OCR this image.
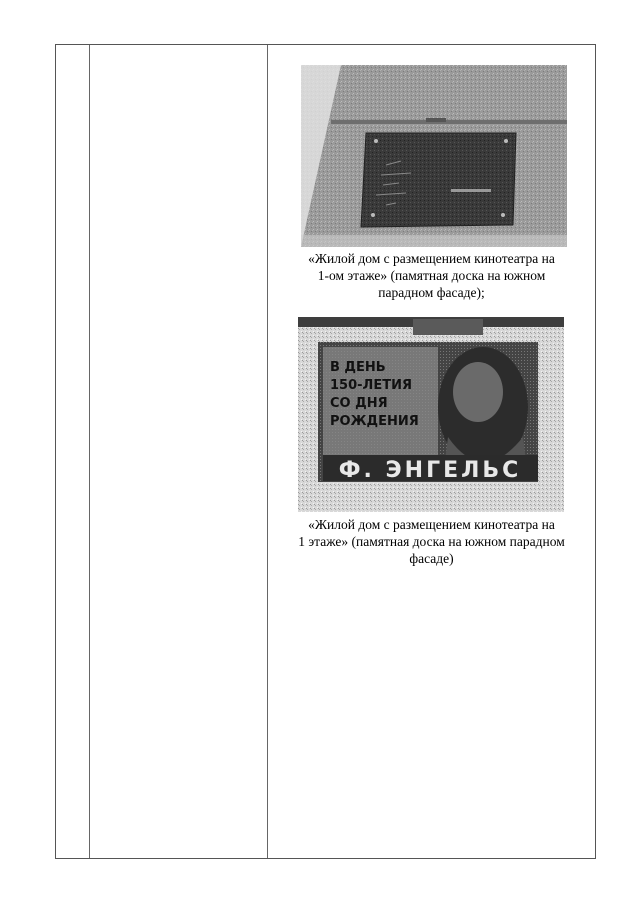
«Жилой дом с размещением кинотеатра на
1-ом этаже» (памятная доска на южном
парадном фасаде);
В ДЕНЬ
150-ЛЕТИЯ
СО ДНЯ
РОЖДЕНИЯ
Ф. ЭНГЕЛЬС
«Жилой дом с размещением кинотеатра на
1 этаже» (памятная доска на южном парадном
фасаде)
